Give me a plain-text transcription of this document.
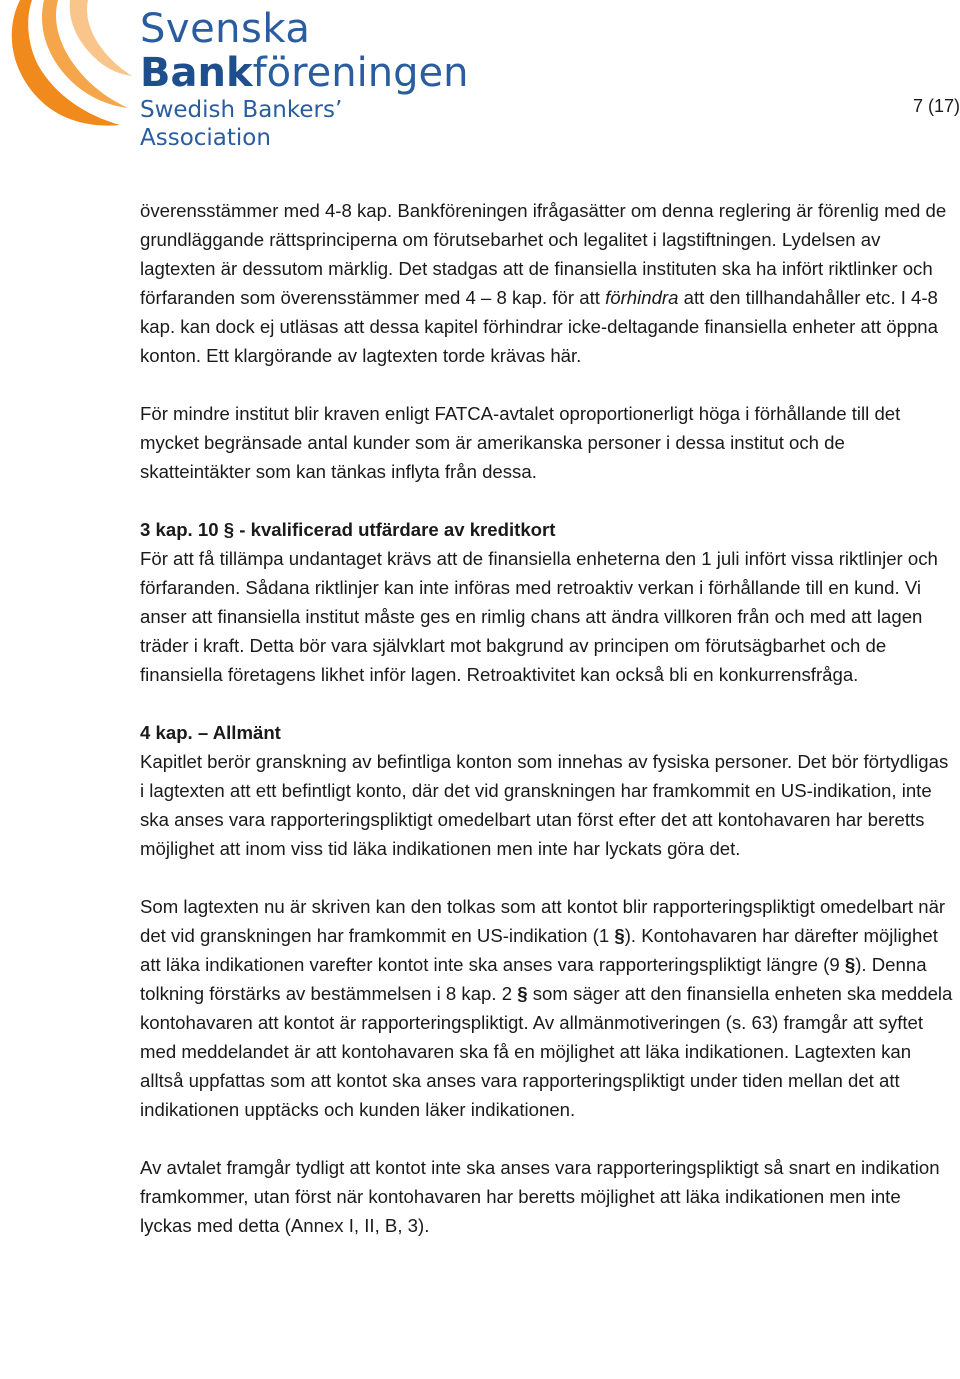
Svenska
Bankföreningen
Swedish Bankers’ Association
7 (17)

överensstämmer med 4-8 kap. Bankföreningen ifrågasätter om denna reglering är förenlig med de grundläggande rättsprinciperna om förutsebarhet och legalitet i lagstiftningen. Lydelsen av lagtexten är dessutom märklig. Det stadgas att de finansiella instituten ska ha infört riktlinker och förfaranden som överensstämmer med 4 – 8 kap. för att förhindra att den tillhandahåller etc. I 4-8 kap. kan dock ej utläsas att dessa kapitel förhindrar icke-deltagande finansiella enheter att öppna konton. Ett klargörande av lagtexten torde krävas här.

För mindre institut blir kraven enligt FATCA-avtalet oproportionerligt höga i förhållande till det mycket begränsade antal kunder som är amerikanska personer i dessa institut och de skatteintäkter som kan tänkas inflyta från dessa.

3 kap. 10 § - kvalificerad utfärdare av kreditkort
För att få tillämpa undantaget krävs att de finansiella enheterna den 1 juli infört vissa riktlinjer och förfaranden. Sådana riktlinjer kan inte införas med retroaktiv verkan i förhållande till en kund. Vi anser att finansiella institut måste ges en rimlig chans att ändra villkoren från och med att lagen träder i kraft. Detta bör vara självklart mot bakgrund av principen om förutsägbarhet och de finansiella företagens likhet inför lagen. Retroaktivitet kan också bli en konkurrensfråga.

4 kap. – Allmänt
Kapitlet berör granskning av befintliga konton som innehas av fysiska personer. Det bör förtydligas i lagtexten att ett befintligt konto, där det vid granskningen har framkommit en US-indikation, inte ska anses vara rapporteringspliktigt omedelbart utan först efter det att kontohavaren har beretts möjlighet att inom viss tid läka indikationen men inte har lyckats göra det.

Som lagtexten nu är skriven kan den tolkas som att kontot blir rapporteringspliktigt omedelbart när det vid granskningen har framkommit en US-indikation (1 §). Kontohavaren har därefter möjlighet att läka indikationen varefter kontot inte ska anses vara rapporteringspliktigt längre (9 §). Denna tolkning förstärks av bestämmelsen i 8 kap. 2 § som säger att den finansiella enheten ska meddela kontohavaren att kontot är rapporteringspliktigt. Av allmänmotiveringen (s. 63) framgår att syftet med meddelandet är att kontohavaren ska få en möjlighet att läka indikationen. Lagtexten kan alltså uppfattas som att kontot ska anses vara rapporteringspliktigt under tiden mellan det att indikationen upptäcks och kunden läker indikationen.

Av avtalet framgår tydligt att kontot inte ska anses vara rapporteringspliktigt så snart en indikation framkommer, utan först när kontohavaren har beretts möjlighet att läka indikationen men inte lyckas med detta (Annex I, II, B, 3).
